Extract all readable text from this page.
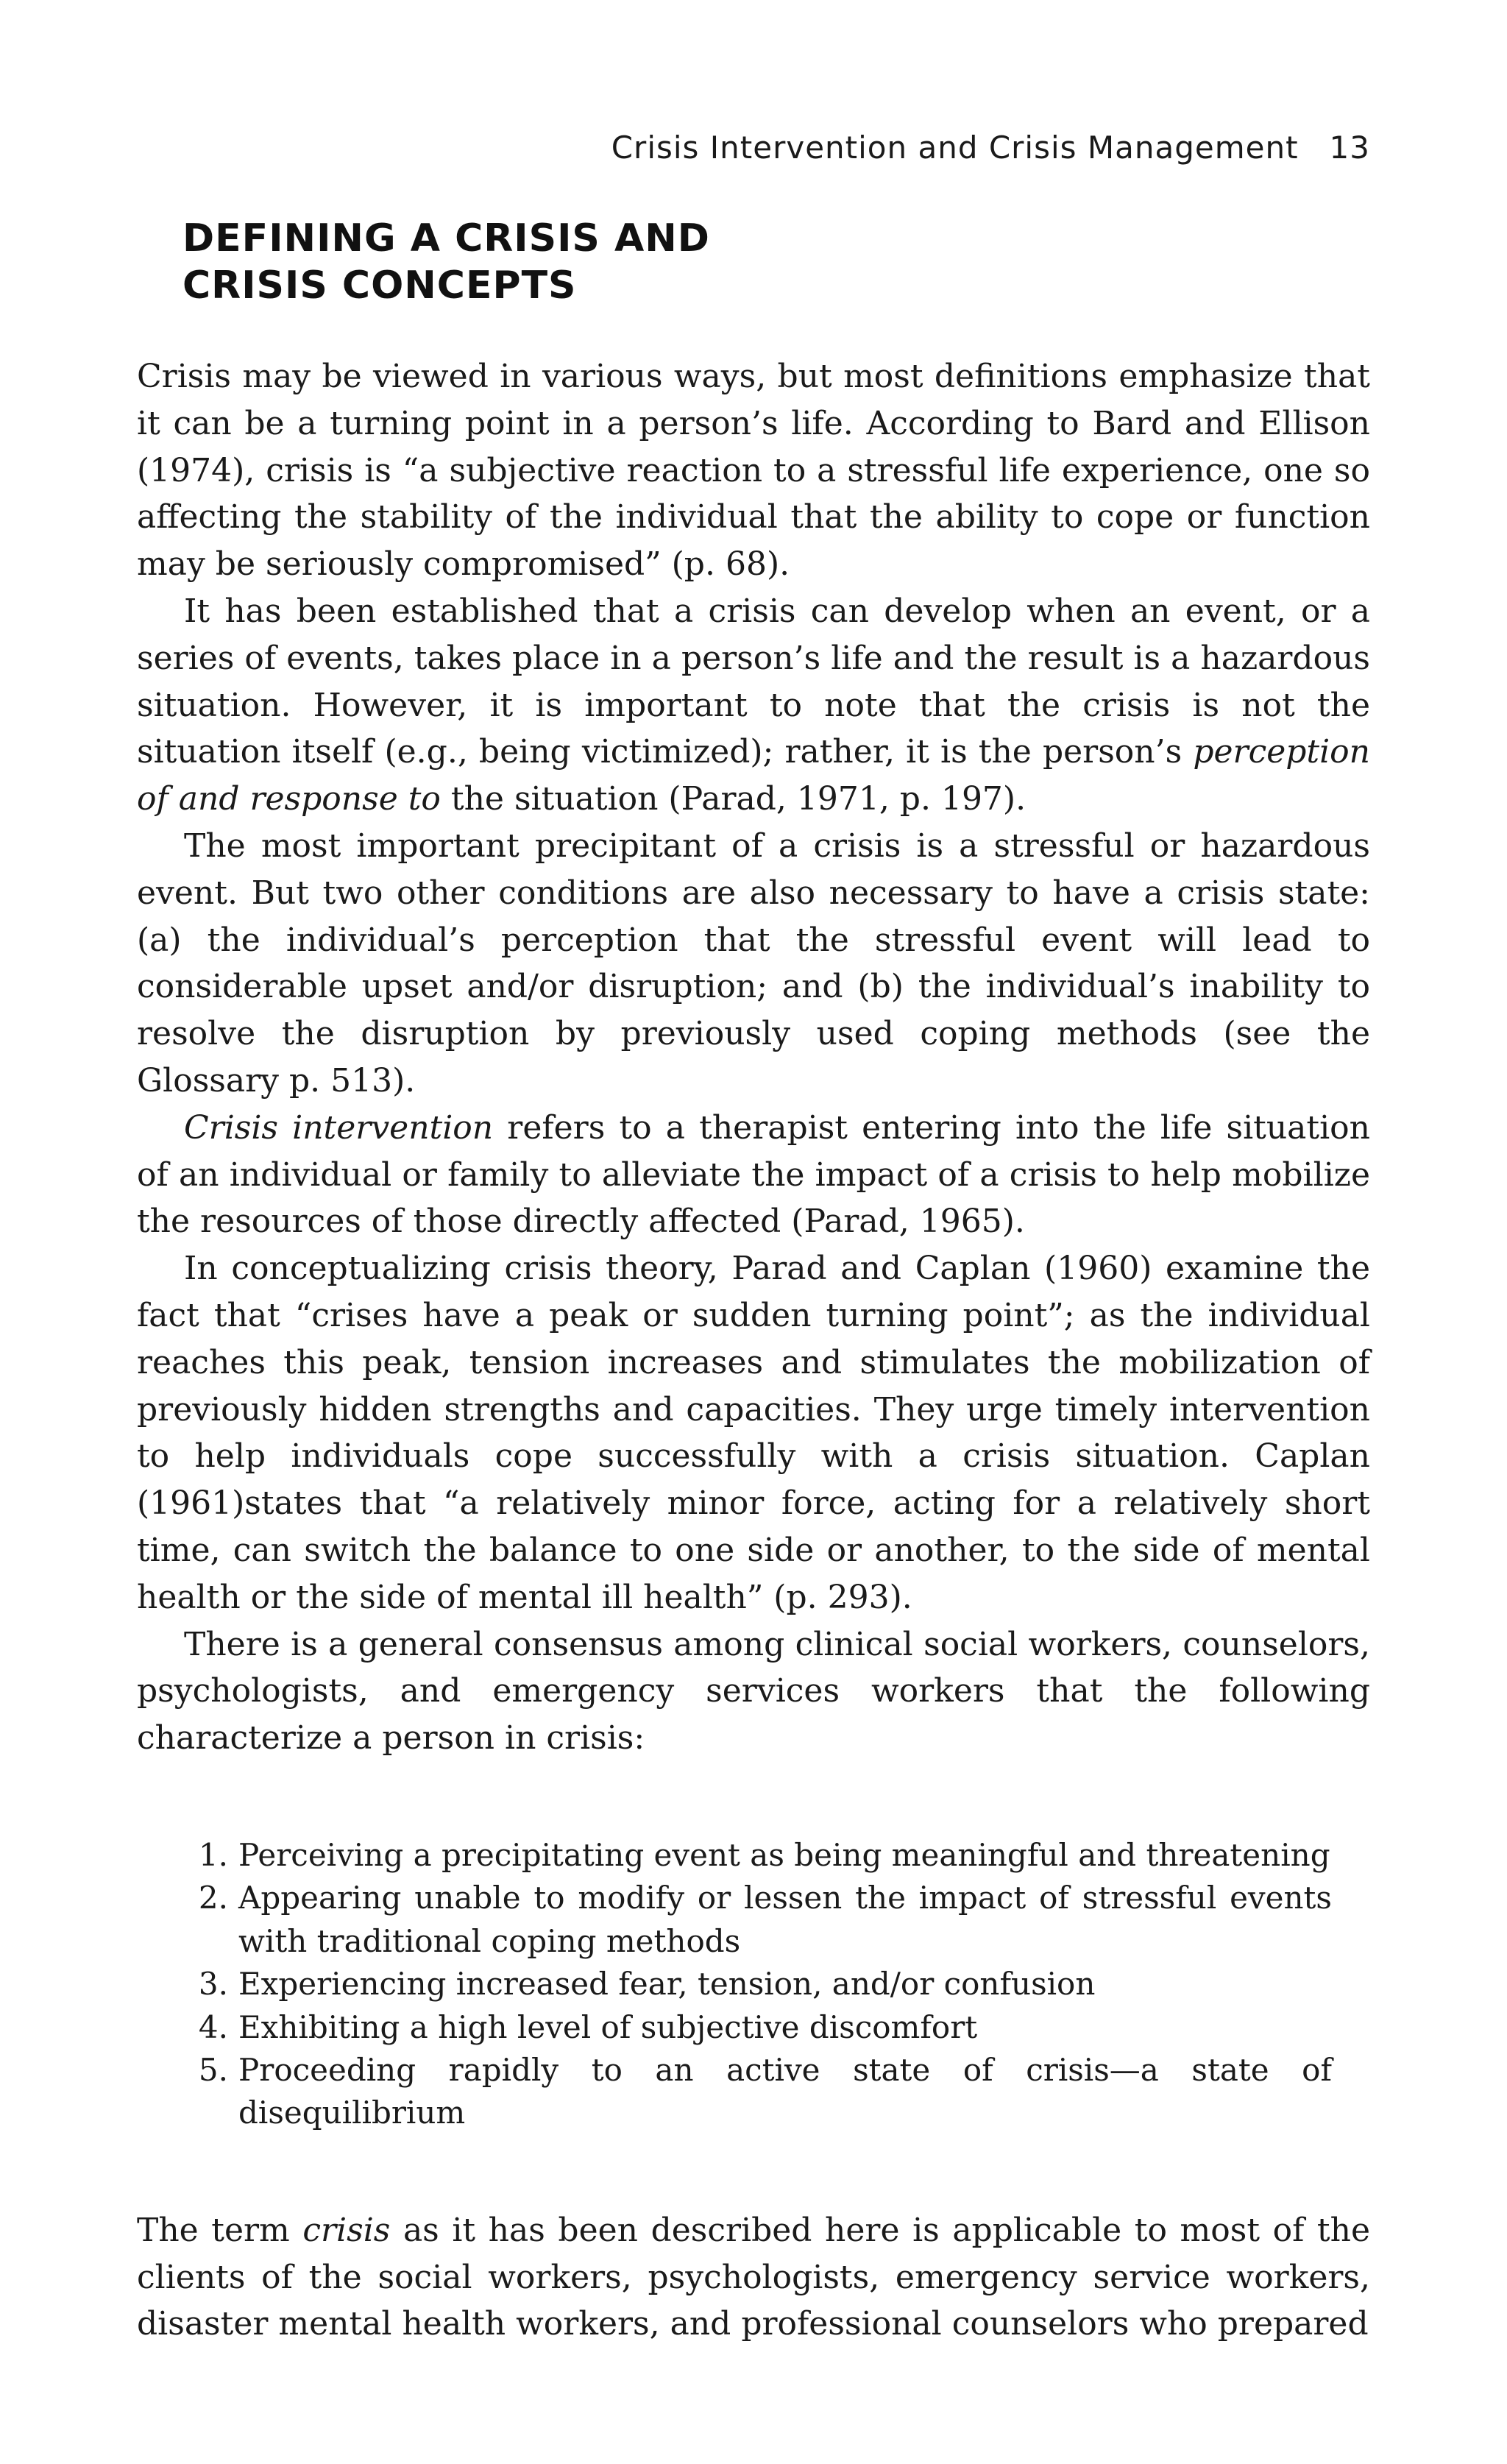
Crisis Intervention and Crisis Management 13
DEFINING A CRISIS AND
CRISIS CONCEPTS

Crisis may be viewed in various ways, but most definitions emphasize that it can be a turning point in a person’s life. According to Bard and Ellison (1974), crisis is “a subjective reaction to a stressful life experience, one so affecting the stability of the individual that the ability to cope or function may be seriously compromised” (p. 68).

It has been established that a crisis can develop when an event, or a series of events, takes place in a person’s life and the result is a hazardous situation. However, it is important to note that the crisis is not the situation itself (e.g., being victimized); rather, it is the person’s perception of and response to the situation (Parad, 1971, p. 197).

The most important precipitant of a crisis is a stressful or hazardous event. But two other conditions are also necessary to have a crisis state: (a) the individual’s perception that the stressful event will lead to considerable upset and/or disruption; and (b) the individual’s inability to resolve the disruption by previously used coping methods (see the Glossary p. 513).

Crisis intervention refers to a therapist entering into the life situation of an individual or family to alleviate the impact of a crisis to help mobilize the resources of those directly affected (Parad, 1965).

In conceptualizing crisis theory, Parad and Caplan (1960) examine the fact that “crises have a peak or sudden turning point”; as the individual reaches this peak, tension increases and stimulates the mobilization of previously hidden strengths and capacities. They urge timely intervention to help individuals cope successfully with a crisis situation. Caplan (1961)states that “a relatively minor force, acting for a relatively short time, can switch the balance to one side or another, to the side of mental health or the side of mental ill health” (p. 293).

There is a general consensus among clinical social workers, counselors, psychologists, and emergency services workers that the following characterize a person in crisis:

1. Perceiving a precipitating event as being meaningful and threatening
2. Appearing unable to modify or lessen the impact of stressful events with traditional coping methods
3. Experiencing increased fear, tension, and/or confusion
4. Exhibiting a high level of subjective discomfort
5. Proceeding rapidly to an active state of crisis—a state of disequilibrium

The term crisis as it has been described here is applicable to most of the clients of the social workers, psychologists, emergency service workers, disaster mental health workers, and professional counselors who prepared
